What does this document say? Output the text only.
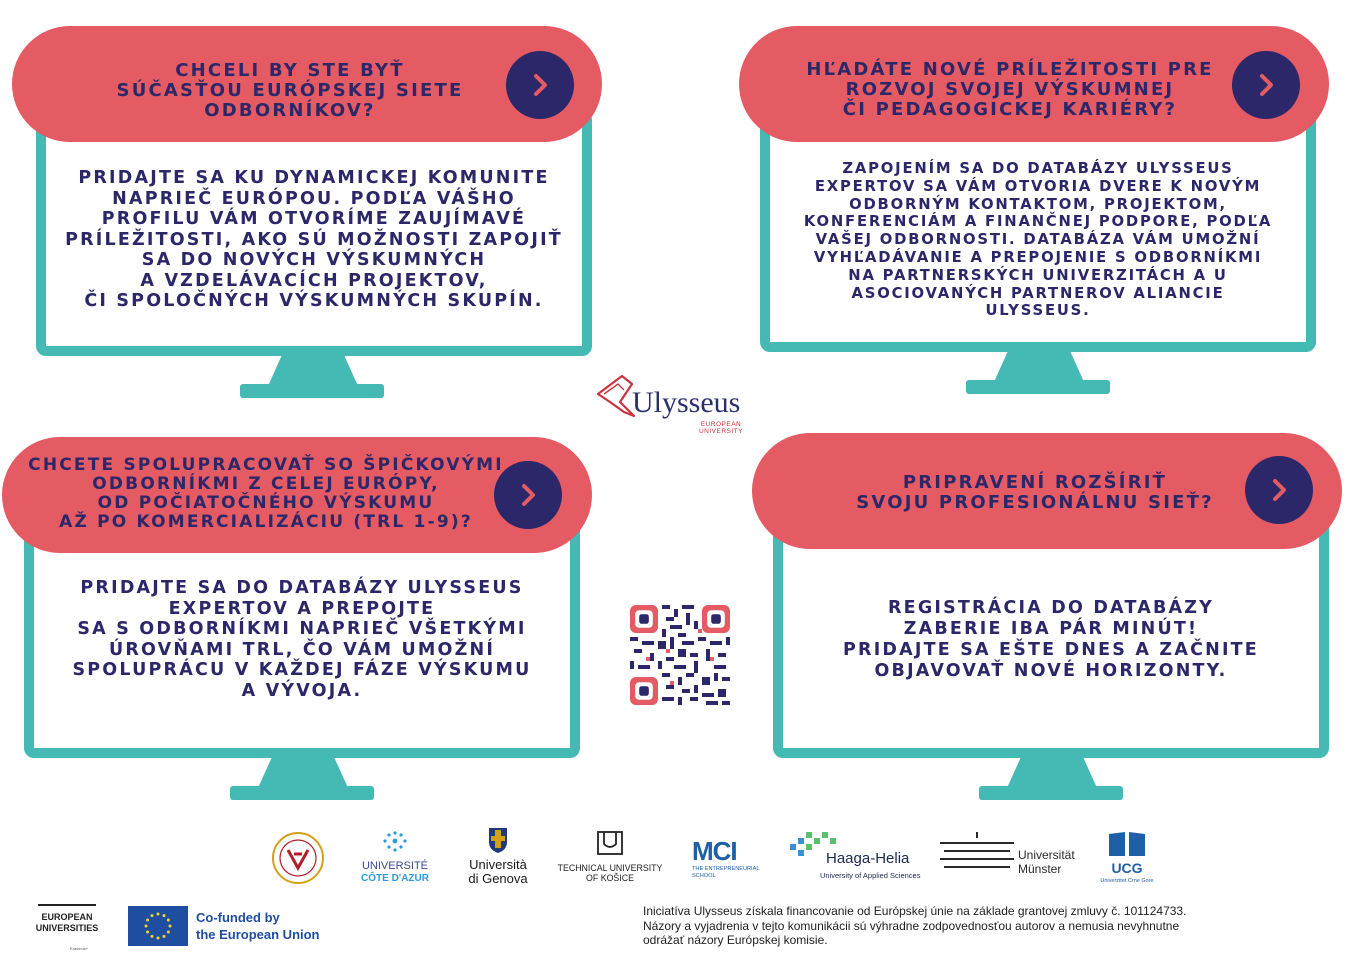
CHCELI BY STE BYŤ
SÚČASŤOU EURÓPSKEJ SIETE
ODBORNÍKOV?
PRIDAJTE SA KU DYNAMICKEJ KOMUNITE
NAPRIEČ EURÓPOU. PODĽA VÁŠHO
PROFILU VÁM OTVORÍME ZAUJÍMAVÉ
PRÍLEŽITOSTI, AKO SÚ MOŽNOSTI ZAPOJIŤ
SA DO NOVÝCH VÝSKUMNÝCH
A VZDELÁVACÍCH PROJEKTOV,
ČI SPOLOČNÝCH VÝSKUMNÝCH SKUPÍN.
HĽADÁTE NOVÉ PRÍLEŽITOSTI PRE
ROZVOJ SVOJEJ VÝSKUMNEJ
ČI PEDAGOGICKEJ KARIÉRY?
ZAPOJENÍM SA DO DATABÁZY ULYSSEUS
EXPERTOV SA VÁM OTVORIA DVERE K NOVÝM
ODBORNÝM KONTAKTOM, PROJEKTOM,
KONFERENCIÁM A FINANČNEJ PODPORE, PODĽA
VAŠEJ ODBORNOSTI. DATABÁZA VÁM UMOŽNÍ
VYHĽADÁVANIE A PREPOJENIE S ODBORNÍKMI
NA PARTNERSKÝCH UNIVERZITÁCH A U
ASOCIOVANÝCH PARTNEROV ALIANCIE
ULYSSEUS.
Ulysseus
EUROPEAN UNIVERSITY
CHCETE SPOLUPRACOVAŤ SO ŠPIČKOVÝMI
ODBORNÍKMI Z CELEJ EURÓPY,
OD POČIATOČNÉHO VÝSKUMU
AŽ PO KOMERCIALIZÁCIU (TRL 1-9)?
PRIDAJTE SA DO DATABÁZY ULYSSEUS
EXPERTOV A PREPOJTE
SA S ODBORNÍKMI NAPRIEČ VŠETKÝMI
ÚROVŇAMI TRL, ČO VÁM UMOŽNÍ
SPOLUPRÁCU V KAŽDEJ FÁZE VÝSKUMU
A VÝVOJA.
PRIPRAVENÍ ROZŠÍRIŤ
SVOJU PROFESIONÁLNU SIEŤ?
REGISTRÁCIA DO DATABÁZY
ZABERIE IBA PÁR MINÚT!
PRIDAJTE SA EŠTE DNES A ZAČNITE
OBJAVOVAŤ NOVÉ HORIZONTY.
UNIVERSITÉ
CÔTE D'AZUR
Università
di Genova
TECHNICAL UNIVERSITY
OF KOŠICE
MCI
THE ENTREPRENEURIAL SCHOOL
Haaga-Helia
University of Applied Sciences
Universität
Münster	UCG
Univerzitet Crne Gore
EUROPEAN
UNIVERSITIES
Erasmus+
Co-funded by
the European Union
Iniciatíva Ulysseus získala financovanie od Európskej únie na základe grantovej zmluvy č. 101124733.
Názory a vyjadrenia v tejto komunikácii sú výhradne zodpovednosťou autorov a nemusia nevyhnutne
odrážať názory Európskej komisie.
